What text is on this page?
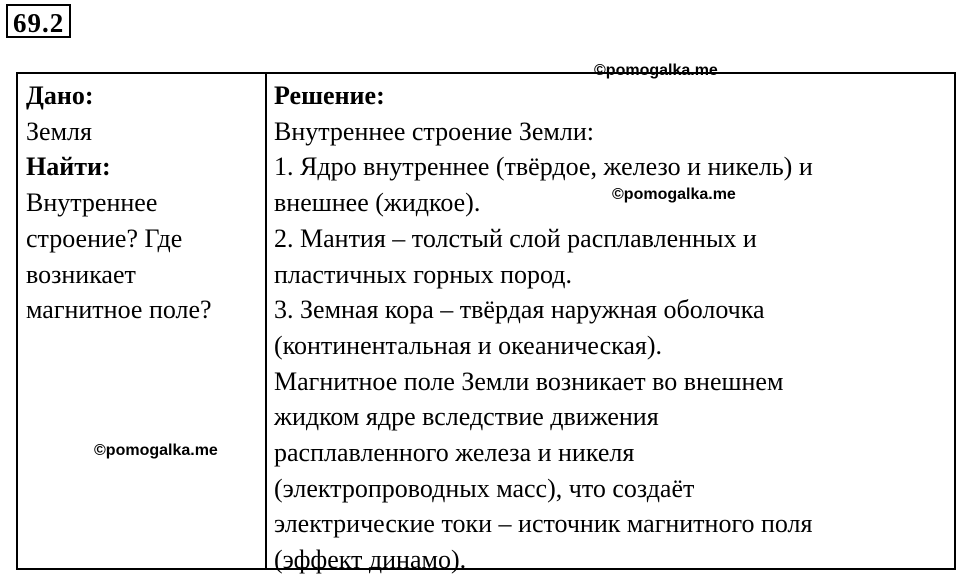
69.2
Дано:
Земля
Найти:
Внутреннее
строение? Где
возникает
магнитное поле?
Решение:
Внутреннее строение Земли:
1. Ядро внутреннее (твёрдое, железо и никель) и
внешнее (жидкое).
2. Мантия – толстый слой расплавленных и
пластичных горных пород.
3. Земная кора – твёрдая наружная оболочка
(континентальная и океаническая).
Магнитное поле Земли возникает во внешнем
жидком ядре вследствие движения
расплавленного железа и никеля
(электропроводных масс), что создаёт
электрические токи – источник магнитного поля
(эффект динамо).
©pomogalka.me
©pomogalka.me
©pomogalka.me
